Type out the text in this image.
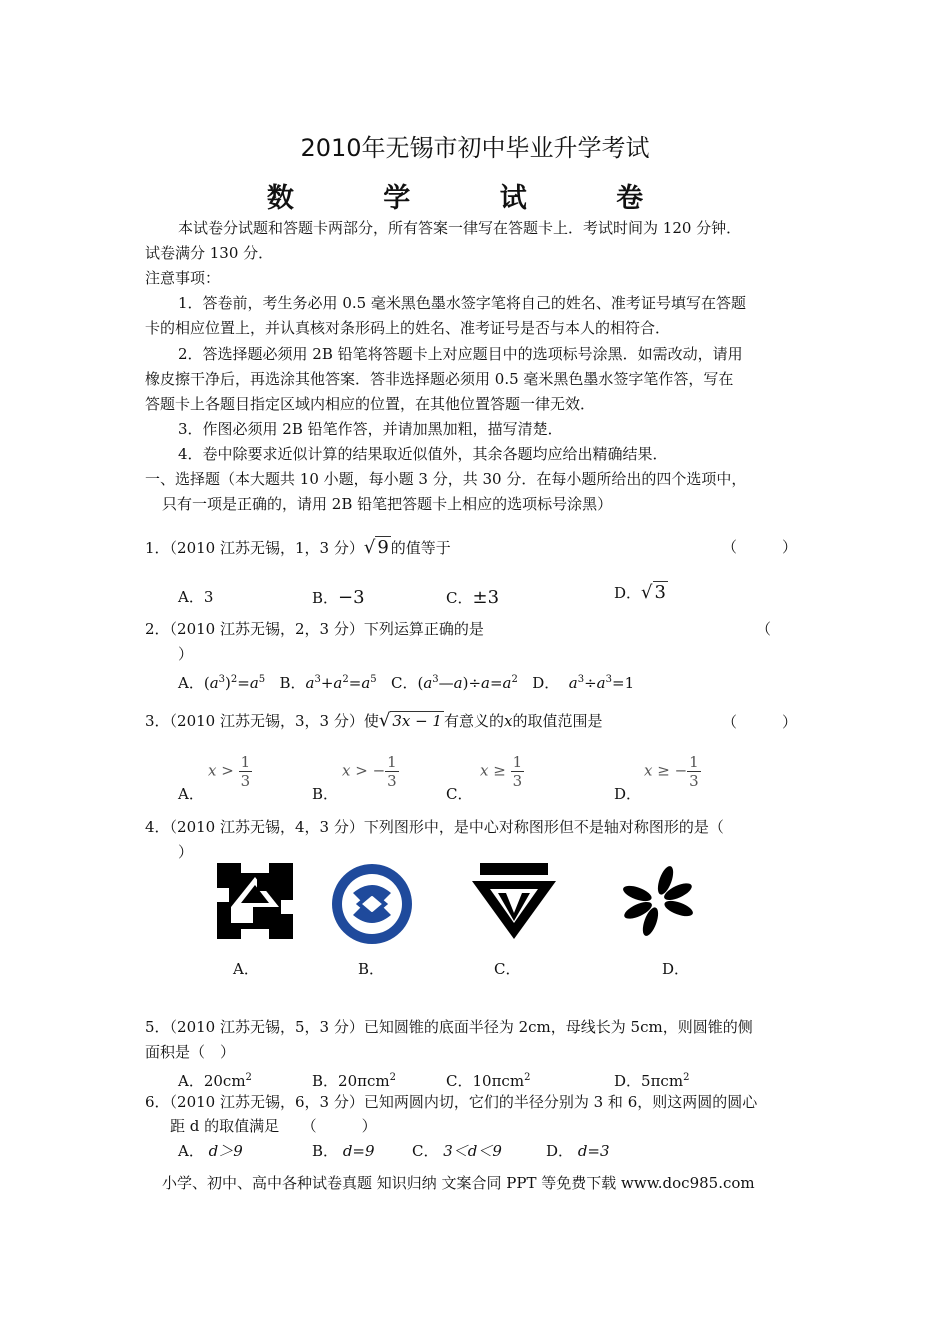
2010年无锡市初中毕业升学考试
数 学 试 卷
本试卷分试题和答题卡两部分，所有答案一律写在答题卡上．考试时间为 120 分钟．
试卷满分 130 分．
注意事项：
1．答卷前，考生务必用 0.5 毫米黑色墨水签字笔将自己的姓名、准考证号填写在答题
卡的相应位置上，并认真核对条形码上的姓名、准考证号是否与本人的相符合．
2．答选择题必须用 2B 铅笔将答题卡上对应题目中的选项标号涂黑．如需改动，请用
橡皮擦干净后，再选涂其他答案．答非选择题必须用 0.5 毫米黑色墨水签字笔作答，写在
答题卡上各题目指定区域内相应的位置，在其他位置答题一律无效．
3．作图必须用 2B 铅笔作答，并请加黑加粗，描写清楚．
4．卷中除要求近似计算的结果取近似值外，其余各题均应给出精确结果．
一、选择题（本大题共 10 小题，每小题 3 分，共 30 分．在每小题所给出的四个选项中，
只有一项是正确的，请用 2B 铅笔把答题卡上相应的选项标号涂黑）
1．（2010 江苏无锡，1，3 分）√ 9 的值等于	（　　　）
A．3	B．−3	C．±3	D．√ 3
2．（2010 江苏无锡，2，3 分）下列运算正确的是	（
）
A．$(a^3)^2=a^5$ B．$a^3+a^2=a^5$ C．$(a^3—a)\div a=a^2$ D． $a^3\div a^3=1$
3．（2010 江苏无锡，3，3 分）使√ 3x − 1 有意义的x的取值范围是	（　　　）
A．
$x > \frac{1}{3}$
B．
x > − $\frac{1}{3}$
C．
$x \ge \frac{1}{3}$
D．
x ≥ − $\frac{1}{3}$
4．（2010 江苏无锡，4，3 分）下列图形中，是中心对称图形但不是轴对称图形的是（
）
A．	B．	C．	D．
5．（2010 江苏无锡，5，3 分）已知圆锥的底面半径为 2cm，母线长为 5cm，则圆锥的侧
面积是（　）
A．$20cm^2$	B．20πcm$^2$	C．10πcm$^2$	D．5πcm$^2$
6．（2010 江苏无锡，6，3 分）已知两圆内切，它们的半径分别为 3 和 6，则这两圆的圆心
距 d 的取值满足　　（　　　）
A． d＞9	B． d=9 C． 3＜d＜9	D． d=3
小学、初中、高中各种试卷真题 知识归纳 文案合同 PPT 等免费下载 www.doc985.com
